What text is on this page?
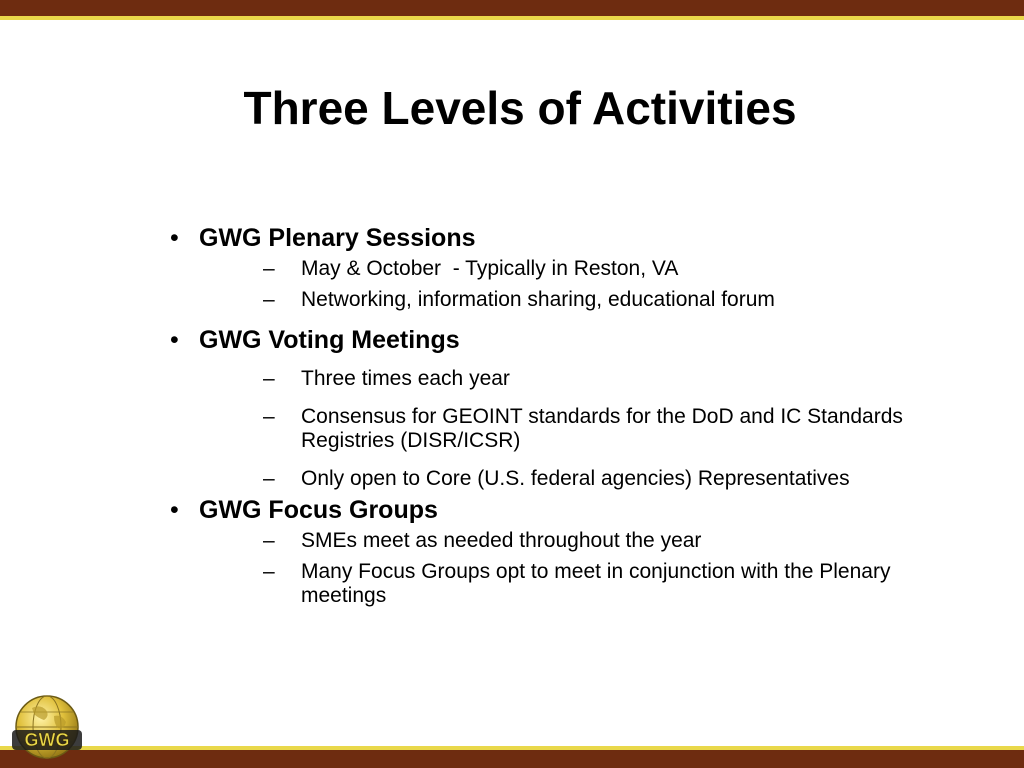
Three Levels of Activities
• GWG Plenary Sessions
– May & October  - Typically in Reston, VA
– Networking, information sharing, educational forum
• GWG Voting Meetings
– Three times each year
– Consensus for GEOINT standards for the DoD and IC Standards Registries (DISR/ICSR)
– Only open to Core (U.S. federal agencies) Representatives
• GWG Focus Groups
– SMEs meet as needed throughout the year
– Many Focus Groups opt to meet in conjunction with the Plenary meetings
GWG
